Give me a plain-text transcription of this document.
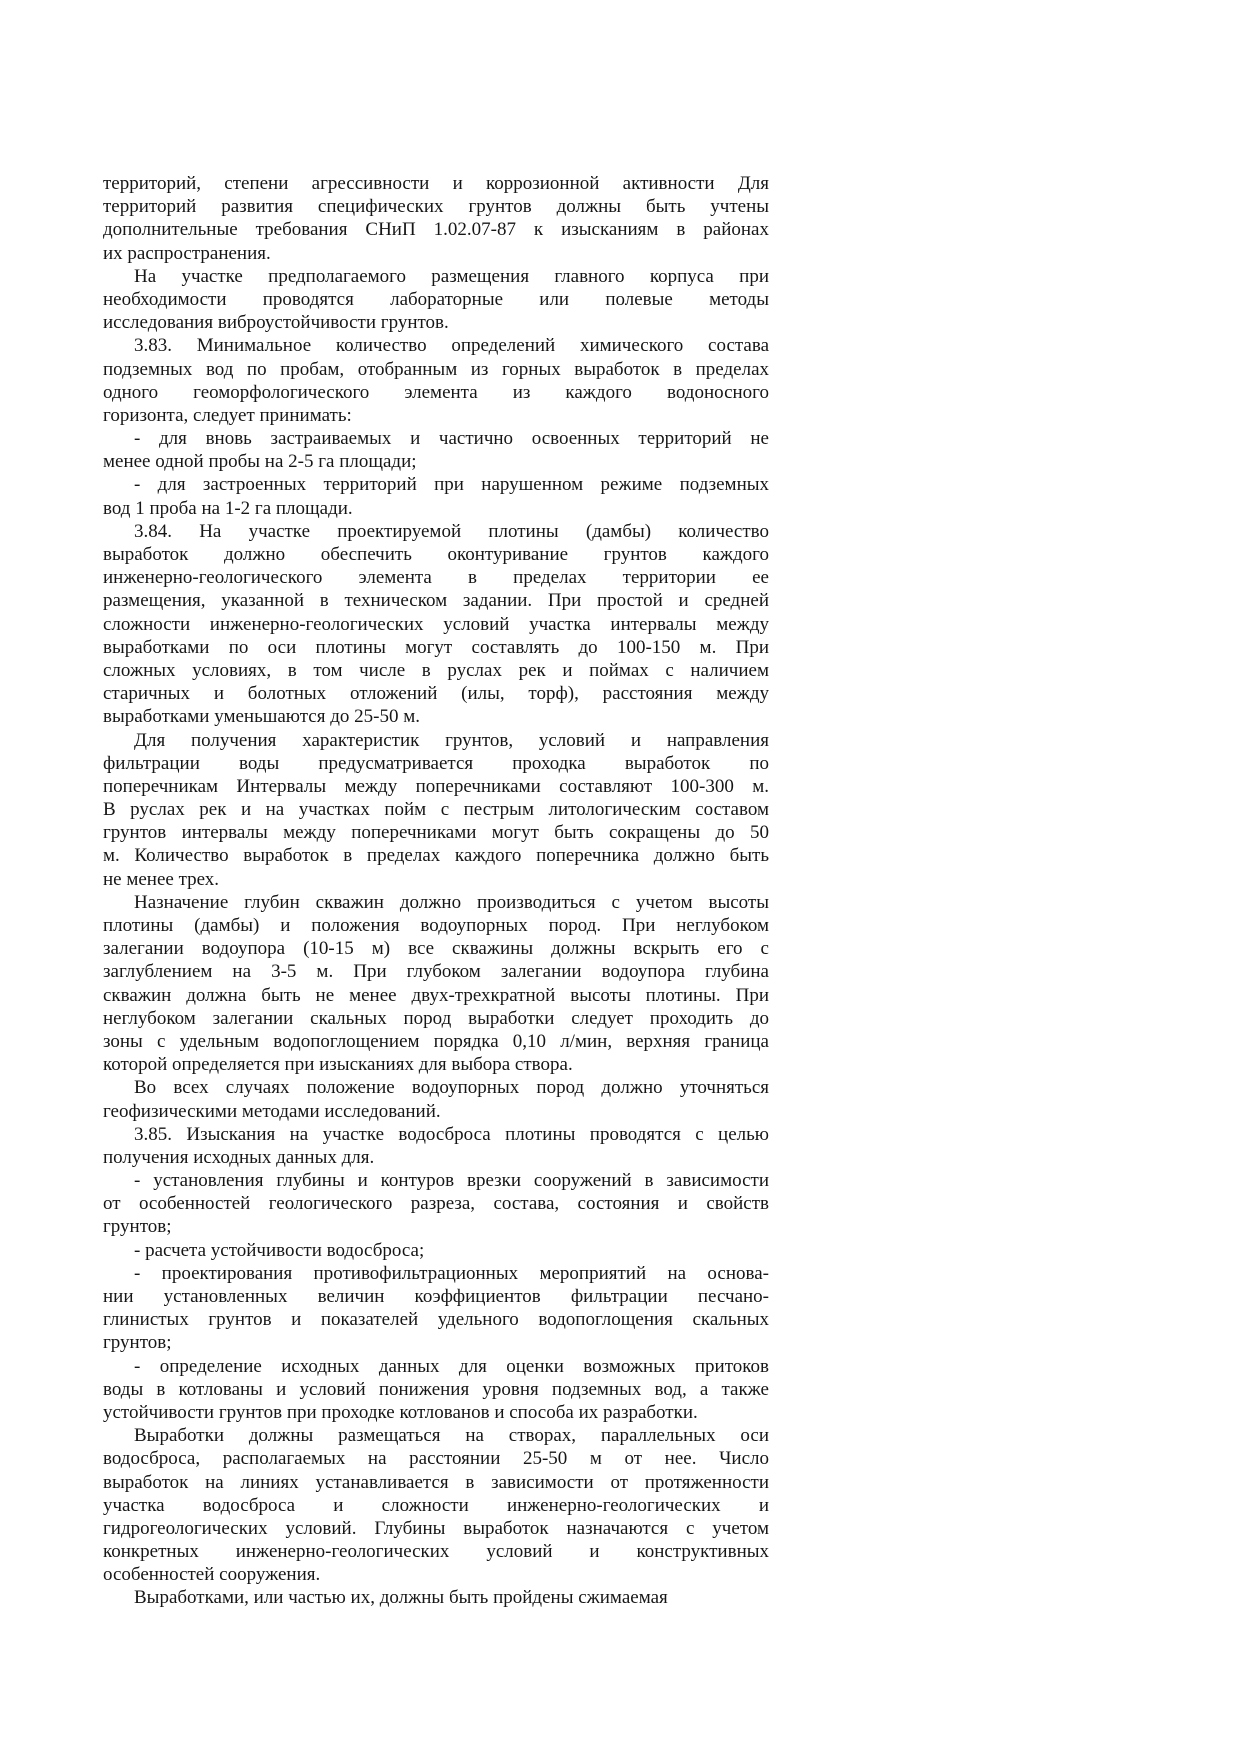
территорий, степени агрессивности и коррозионной активности Для
территорий развития специфических грунтов должны быть учтены
дополнительные требования СНиП 1.02.07-87 к изысканиям в районах
их распространения.
На участке предполагаемого размещения главного корпуса при
необходимости проводятся лабораторные или полевые методы
исследования виброустойчивости грунтов.
3.83. Минимальное количество определений химического состава
подземных вод по пробам, отобранным из горных выработок в пределах
одного геоморфологического элемента из каждого водоносного
горизонта, следует принимать:
- для вновь застраиваемых и частично освоенных территорий не
менее одной пробы на 2-5 га площади;
- для застроенных территорий при нарушенном режиме подземных
вод 1 проба на 1-2 га площади.
3.84. На участке проектируемой плотины (дамбы) количество
выработок должно обеспечить оконтуривание грунтов каждого
инженерно-геологического элемента в пределах территории ее
размещения, указанной в техническом задании. При простой и средней
сложности инженерно-геологических условий участка интервалы между
выработками по оси плотины могут составлять до 100-150 м. При
сложных условиях, в том числе в руслах рек и поймах с наличием
старичных и болотных отложений (илы, торф), расстояния между
выработками уменьшаются до 25-50 м.
Для получения характеристик грунтов, условий и направления
фильтрации воды предусматривается проходка выработок по
поперечникам Интервалы между поперечниками составляют 100-300 м.
В руслах рек и на участках пойм с пестрым литологическим составом
грунтов интервалы между поперечниками могут быть сокращены до 50
м. Количество выработок в пределах каждого поперечника должно быть
не менее трех.
Назначение глубин скважин должно производиться с учетом высоты
плотины (дамбы) и положения водоупорных пород. При неглубоком
залегании водоупора (10-15 м) все скважины должны вскрыть его с
заглублением на 3-5 м. При глубоком залегании водоупора глубина
скважин должна быть не менее двух-трехкратной высоты плотины. При
неглубоком залегании скальных пород выработки следует проходить до
зоны с удельным водопоглощением порядка 0,10 л/мин, верхняя граница
которой определяется при изысканиях для выбора створа.
Во всех случаях положение водоупорных пород должно уточняться
геофизическими методами исследований.
3.85. Изыскания на участке водосброса плотины проводятся с целью
получения исходных данных для.
- установления глубины и контуров врезки сооружений в зависимости
от особенностей геологического разреза, состава, состояния и свойств
грунтов;
- расчета устойчивости водосброса;
- проектирования противофильтрационных мероприятий на основа-
нии установленных величин коэффициентов фильтрации песчано-
глинистых грунтов и показателей удельного водопоглощения скальных
грунтов;
- определение исходных данных для оценки возможных притоков
воды в котлованы и условий понижения уровня подземных вод, а также
устойчивости грунтов при проходке котлованов и способа их разработки.
Выработки должны размещаться на створах, параллельных оси
водосброса, располагаемых на расстоянии 25-50 м от нее. Число
выработок на линиях устанавливается в зависимости от протяженности
участка водосброса и сложности инженерно-геологических и
гидрогеологических условий. Глубины выработок назначаются с учетом
конкретных инженерно-геологических условий и конструктивных
особенностей сооружения.
Выработками, или частью их, должны быть пройдены сжимаемая
